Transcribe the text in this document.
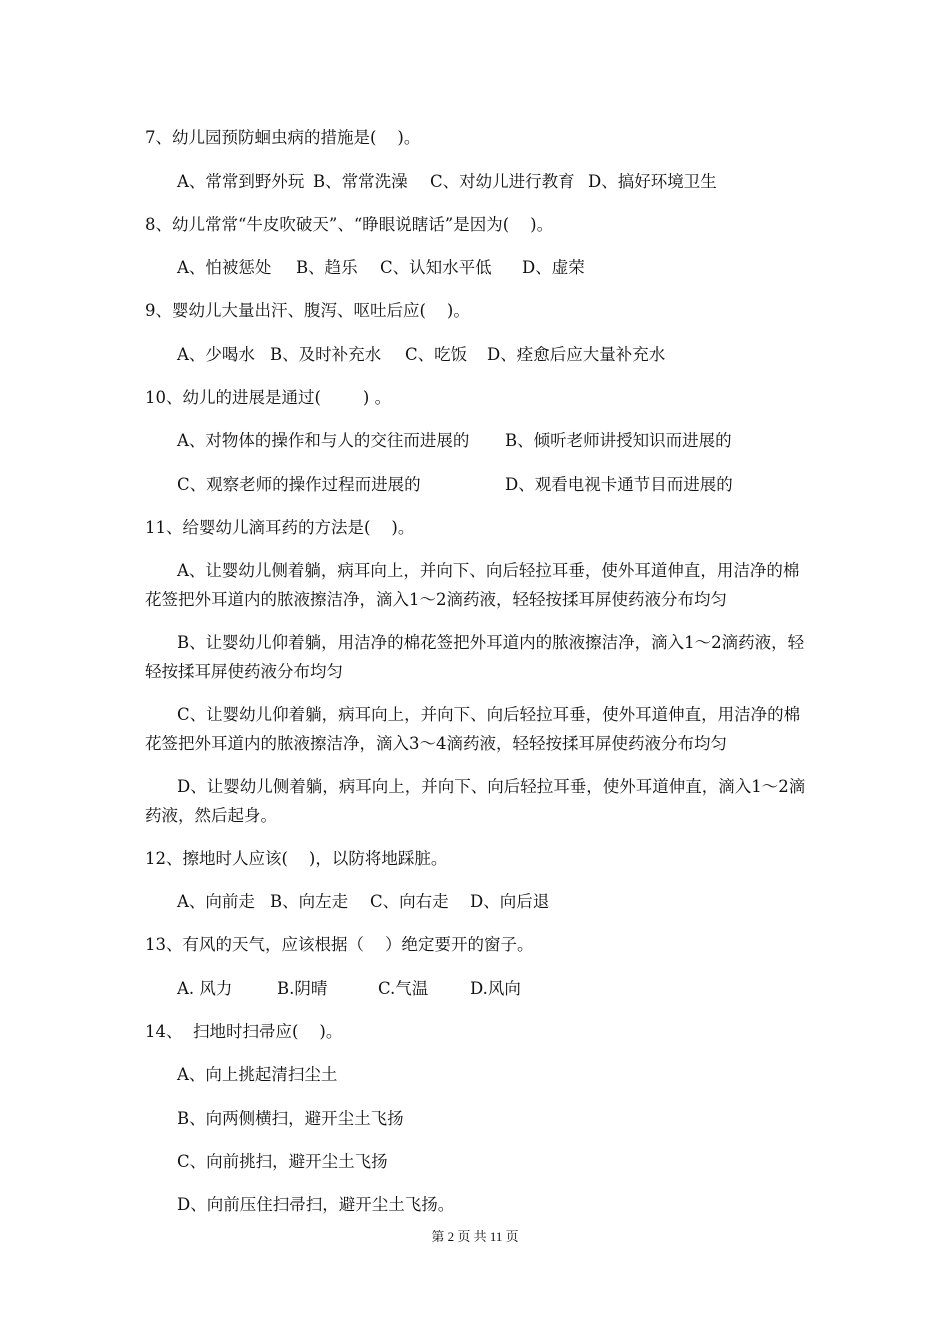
7、幼儿园预防蛔虫病的措施是(    )。
A、常常到野外玩 B、常常洗澡 C、对幼儿进行教育 D、搞好环境卫生
8、幼儿常常“牛皮吹破天”、“睁眼说瞎话”是因为(    )。
A、怕被惩处 B、趋乐 C、认知水平低 D、虚荣
9、婴幼儿大量出汗、腹泻、呕吐后应(    )。
A、少喝水 B、及时补充水 C、吃饭 D、痊愈后应大量补充水
10、幼儿的进展是通过(        ) 。
A、对物体的操作和与人的交往而进展的 B、倾听老师讲授知识而进展的
C、观察老师的操作过程而进展的	D、观看电视卡通节目而进展的
11、给婴幼儿滴耳药的方法是(    )。
A、让婴幼儿侧着躺，病耳向上，并向下、向后轻拉耳垂，使外耳道伸直，用洁净的棉
花签把外耳道内的脓液擦洁净，滴入1～2滴药液，轻轻按揉耳屏使药液分布均匀
B、让婴幼儿仰着躺，用洁净的棉花签把外耳道内的脓液擦洁净，滴入1～2滴药液，轻
轻按揉耳屏使药液分布均匀
C、让婴幼儿仰着躺，病耳向上，并向下、向后轻拉耳垂，使外耳道伸直，用洁净的棉
花签把外耳道内的脓液擦洁净，滴入3～4滴药液，轻轻按揉耳屏使药液分布均匀
D、让婴幼儿侧着躺，病耳向上，并向下、向后轻拉耳垂，使外耳道伸直，滴入1～2滴
药液，然后起身。
12、擦地时人应该(    )，以防将地踩脏。
A、向前走 B、向左走 C、向右走 D、向后退
13、有风的天气，应该根据（    ）绝定要开的窗子。
A. 风力	B.阴晴	C.气温	D.风向
14、  扫地时扫帚应(    )。
A、向上挑起清扫尘土
B、向两侧横扫，避开尘土飞扬
C、向前挑扫，避开尘土飞扬
D、向前压住扫帚扫，避开尘土飞扬。
第 2 页 共 11 页
